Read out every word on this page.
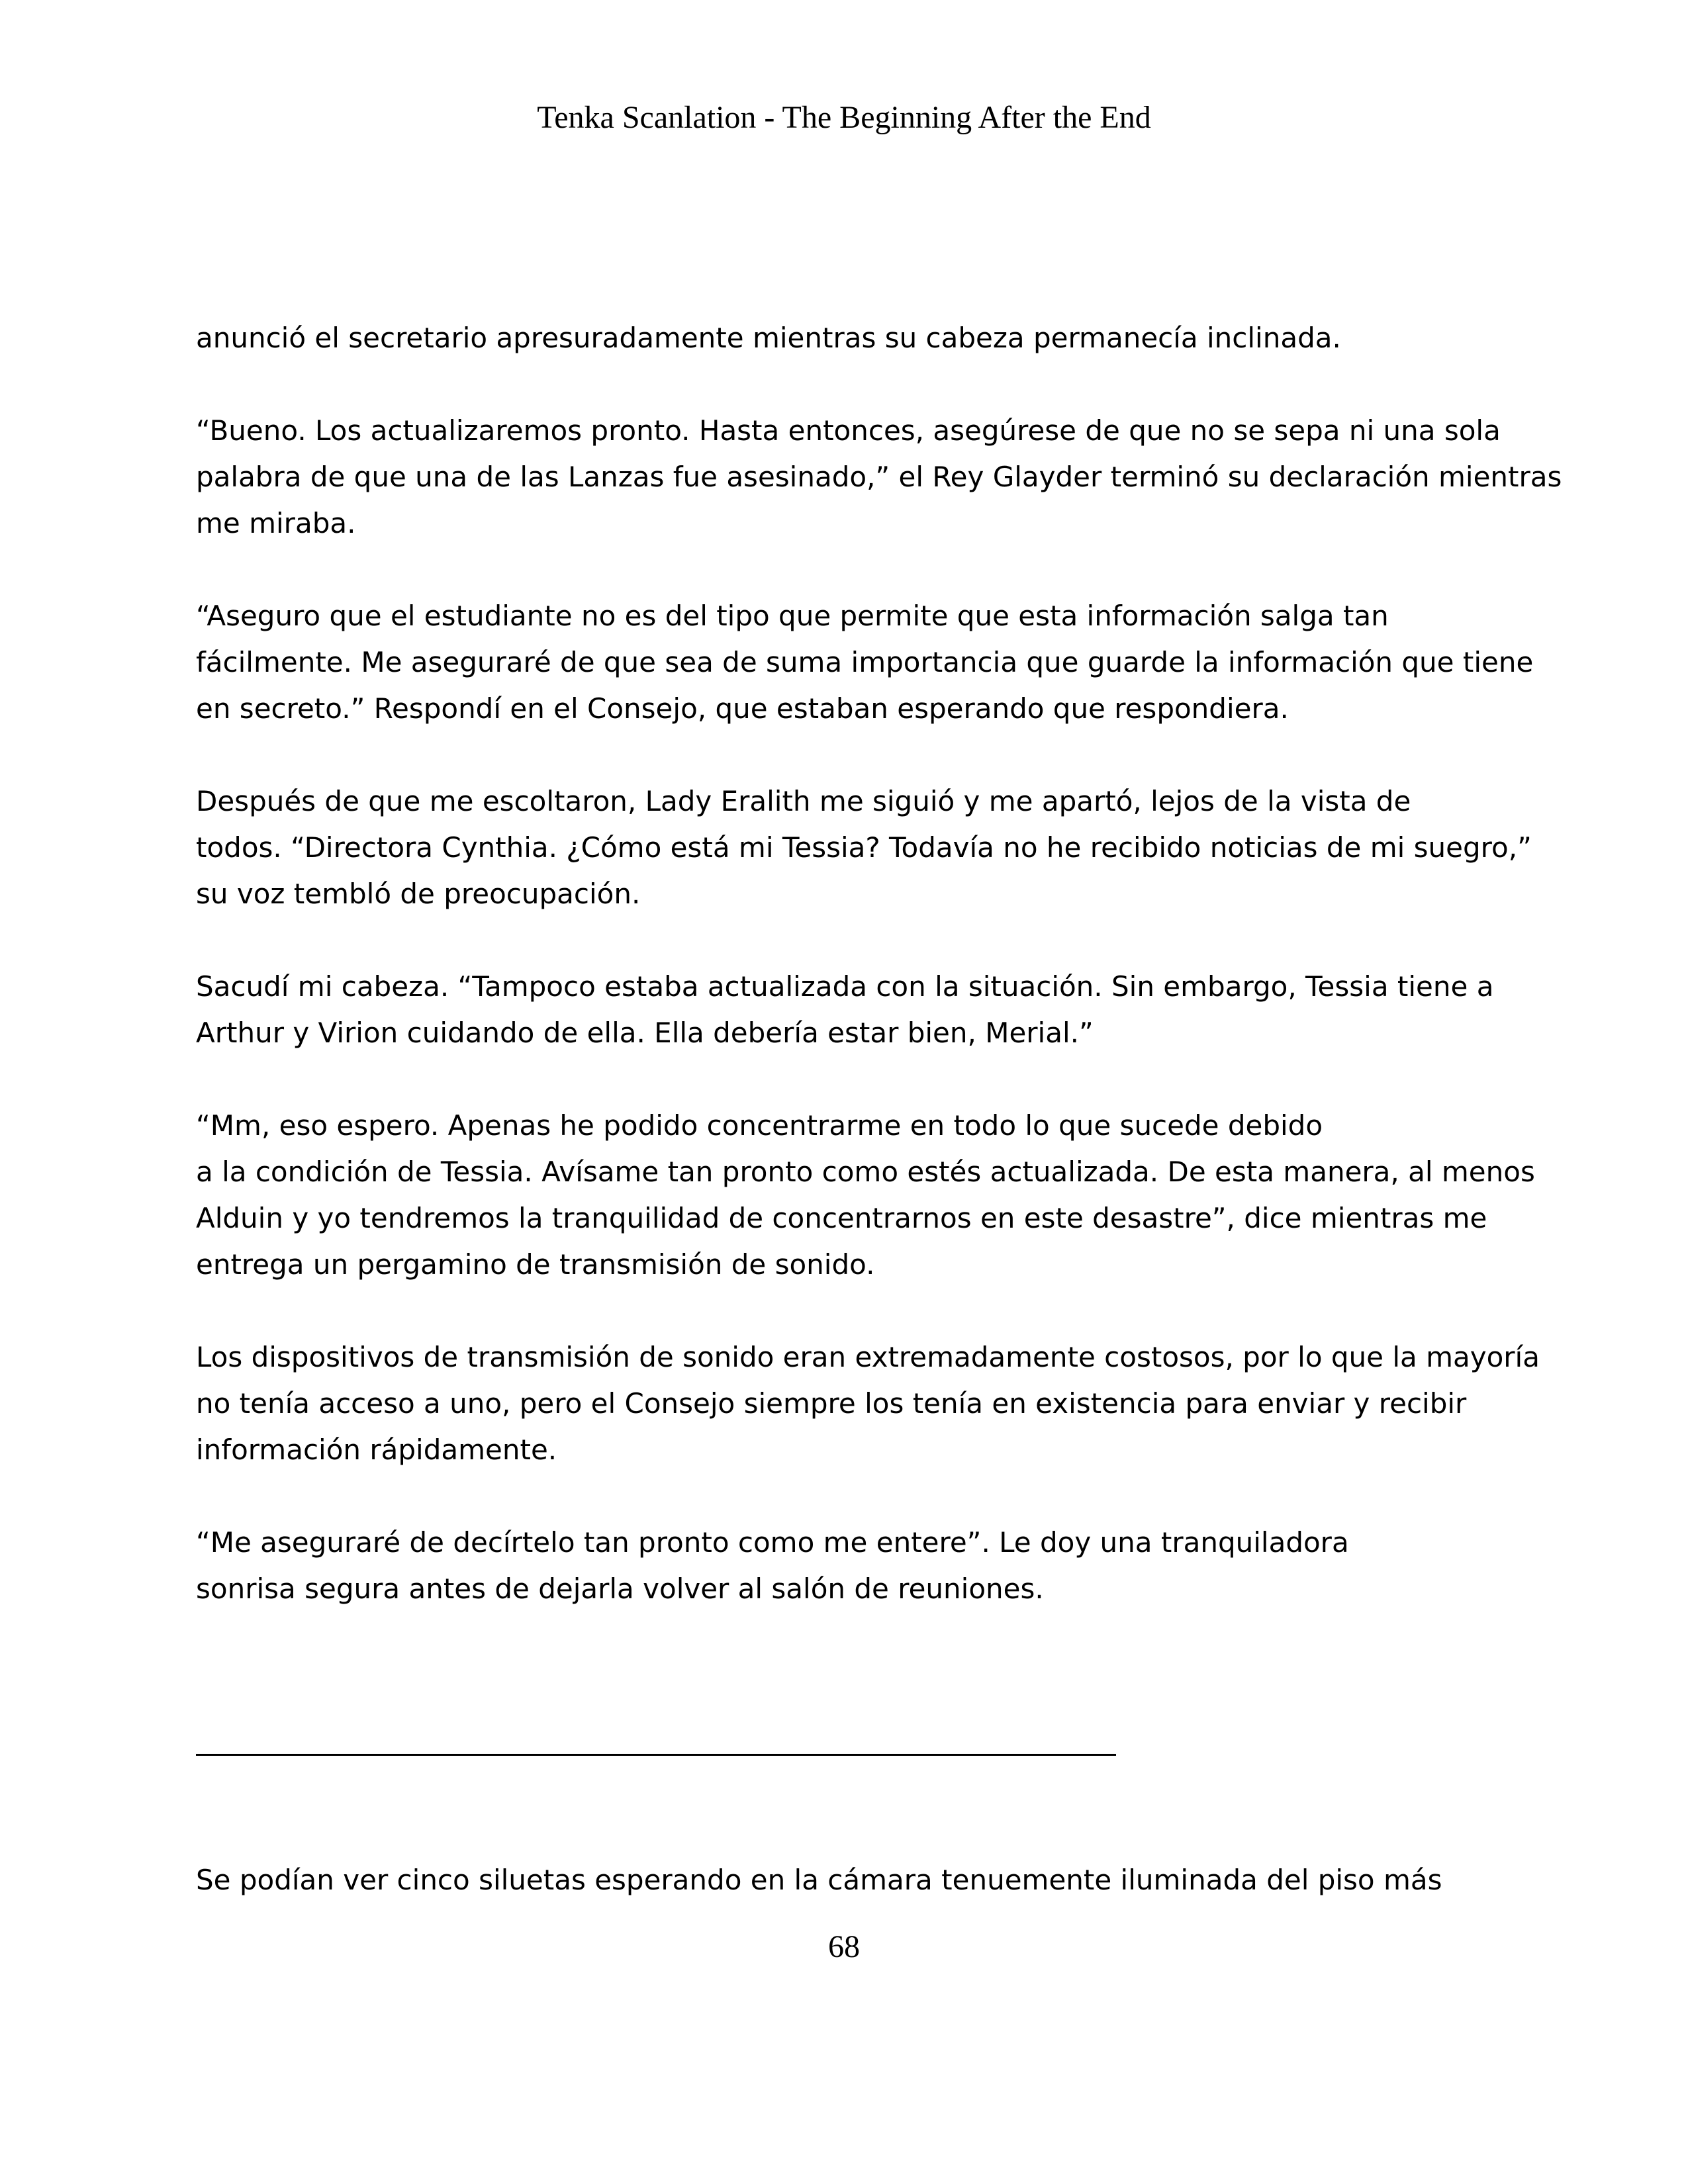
Tenka Scanlation - The Beginning After the End

anunció el secretario apresuradamente mientras su cabeza permanecía inclinada.

“Bueno. Los actualizaremos pronto. Hasta entonces, asegúrese de que no se sepa ni una sola
palabra de que una de las Lanzas fue asesinado,” el Rey Glayder terminó su declaración mientras
me miraba.

“Aseguro que el estudiante no es del tipo que permite que esta información salga tan
fácilmente. Me aseguraré de que sea de suma importancia que guarde la información que tiene
en secreto.” Respondí en el Consejo, que estaban esperando que respondiera.

Después de que me escoltaron, Lady Eralith me siguió y me apartó, lejos de la vista de
todos. “Directora Cynthia. ¿Cómo está mi Tessia? Todavía no he recibido noticias de mi suegro,”
su voz tembló de preocupación.

Sacudí mi cabeza. “Tampoco estaba actualizada con la situación. Sin embargo, Tessia tiene a
Arthur y Virion cuidando de ella. Ella debería estar bien, Merial.”

“Mm, eso espero. Apenas he podido concentrarme en todo lo que sucede debido
a la condición de Tessia. Avísame tan pronto como estés actualizada. De esta manera, al menos
Alduin y yo tendremos la tranquilidad de concentrarnos en este desastre”, dice mientras me
entrega un pergamino de transmisión de sonido.

Los dispositivos de transmisión de sonido eran extremadamente costosos, por lo que la mayoría
no tenía acceso a uno, pero el Consejo siempre los tenía en existencia para enviar y recibir
información rápidamente.

“Me aseguraré de decírtelo tan pronto como me entere”. Le doy una tranquiladora
sonrisa segura antes de dejarla volver al salón de reuniones.

Se podían ver cinco siluetas esperando en la cámara tenuemente iluminada del piso más

68
